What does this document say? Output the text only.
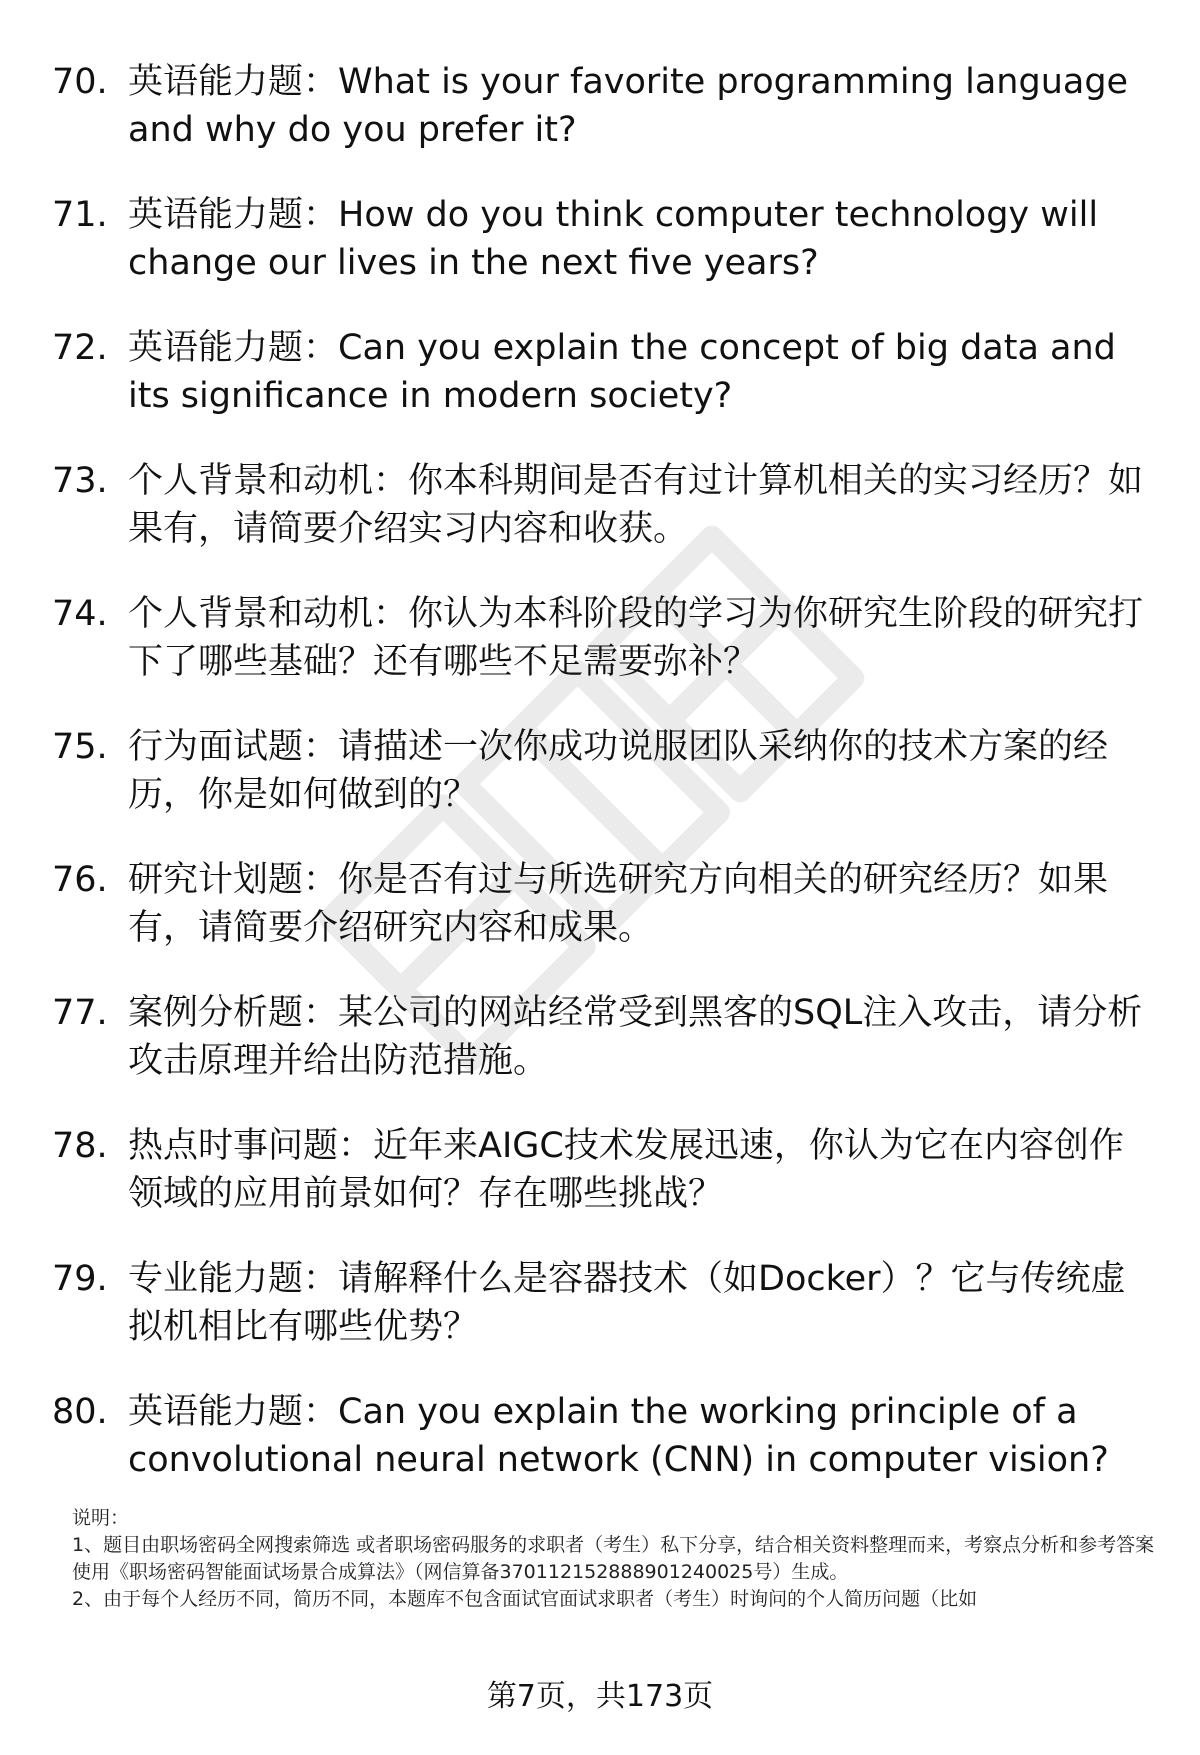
70. 英语能力题：What is your favorite programming language and why do you prefer it?
71. 英语能力题：How do you think computer technology will change our lives in the next five years?
72. 英语能力题：Can you explain the concept of big data and its significance in modern society?
73. 个人背景和动机：你本科期间是否有过计算机相关的实习经历？如果有，请简要介绍实习内容和收获。
74. 个人背景和动机：你认为本科阶段的学习为你研究生阶段的研究打下了哪些基础？还有哪些不足需要弥补？
75. 行为面试题：请描述一次你成功说服团队采纳你的技术方案的经历，你是如何做到的？
76. 研究计划题：你是否有过与所选研究方向相关的研究经历？如果有，请简要介绍研究内容和成果。
77. 案例分析题：某公司的网站经常受到黑客的SQL注入攻击，请分析攻击原理并给出防范措施。
78. 热点时事问题：近年来AIGC技术发展迅速，你认为它在内容创作领域的应用前景如何？存在哪些挑战？
79. 专业能力题：请解释什么是容器技术（如Docker）？它与传统虚拟机相比有哪些优势？
80. 英语能力题：Can you explain the working principle of a convolutional neural network (CNN) in computer vision?

说明：

1、题目由职场密码全网搜索筛选 或者职场密码服务的求职者（考生）私下分享，结合相关资料整理而来，考察点分析和参考答案使用《职场密码智能面试场景合成算法》（网信算备370112152888901240025号）生成。

2、由于每个人经历不同，简历不同，本题库不包含面试官面试求职者（考生）时询问的个人简历问题（比如

第7页，共173页
